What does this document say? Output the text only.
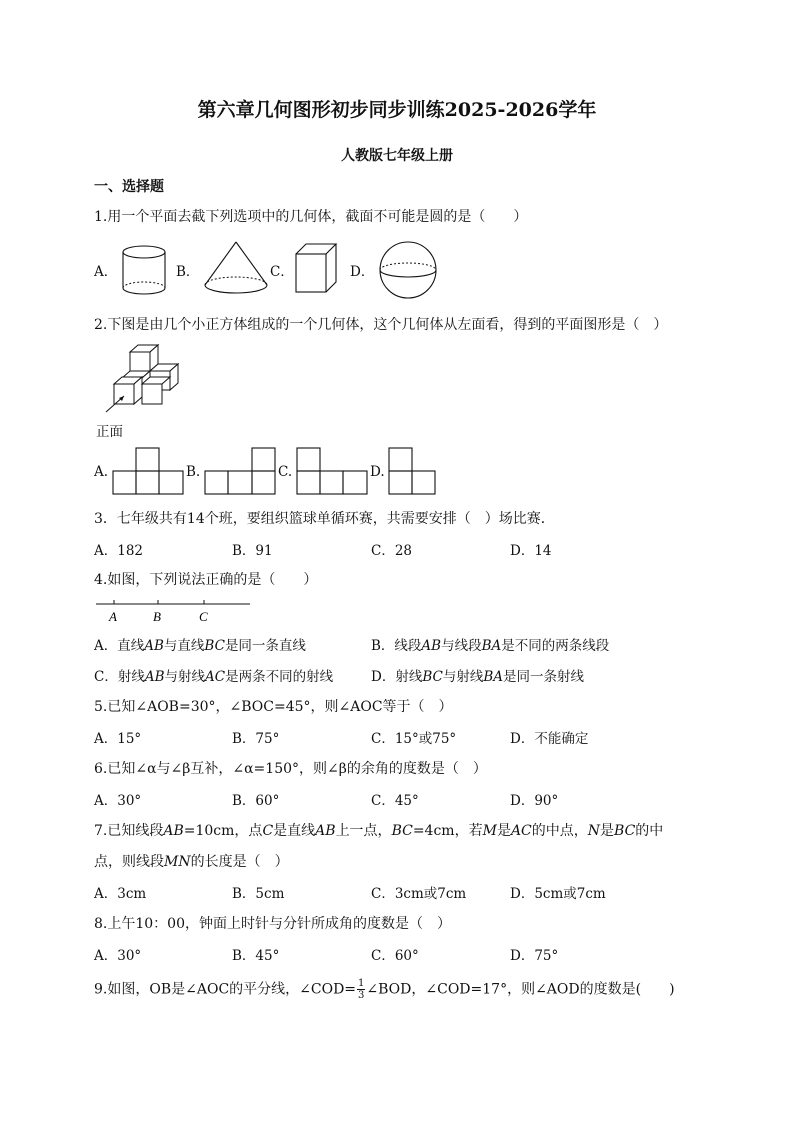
第六章几何图形初步同步训练2025-2026学年
人教版七年级上册
一、选择题
1.用一个平面去截下列选项中的几何体，截面不可能是圆的是（　　）
A．	B．	C．	D．
2.下图是由几个小正方体组成的一个几何体，这个几何体从左面看，得到的平面图形是（　）
正面
A.	B.	C.	D.
3．七年级共有14个班，要组织篮球单循环赛，共需要安排（　）场比赛．
A．182	B．91	C．28	D．14
4.如图，下列说法正确的是（　　）
A	B	C
A．直线AB与直线BC是同一条直线	B．线段AB与线段BA是不同的两条线段
C．射线AB与射线AC是两条不同的射线	D．射线BC与射线BA是同一条射线
5.已知∠AOB=30°，∠BOC=45°，则∠AOC等于（　）
A．15°	B．75°	C．15°或75°	D．不能确定
6.已知∠α与∠β互补，∠α=150°，则∠β的余角的度数是（　）
A．30°	B．60°	C．45°	D．90°
7.已知线段AB=10cm，点C是直线AB上一点，BC=4cm，若M是AC的中点，N是BC的中
点，则线段MN的长度是（　）
A．3cm	B．5cm	C．3cm或7cm	D．5cm或7cm
8.上午10：00，钟面上时针与分针所成角的度数是（　）
A．30°	B．45°	C．60°	D．75°
9.如图，OB是∠AOC的平分线，∠COD= $\frac{1}{3}$ ∠BOD，∠COD=17°，则∠AOD的度数是(　　)
